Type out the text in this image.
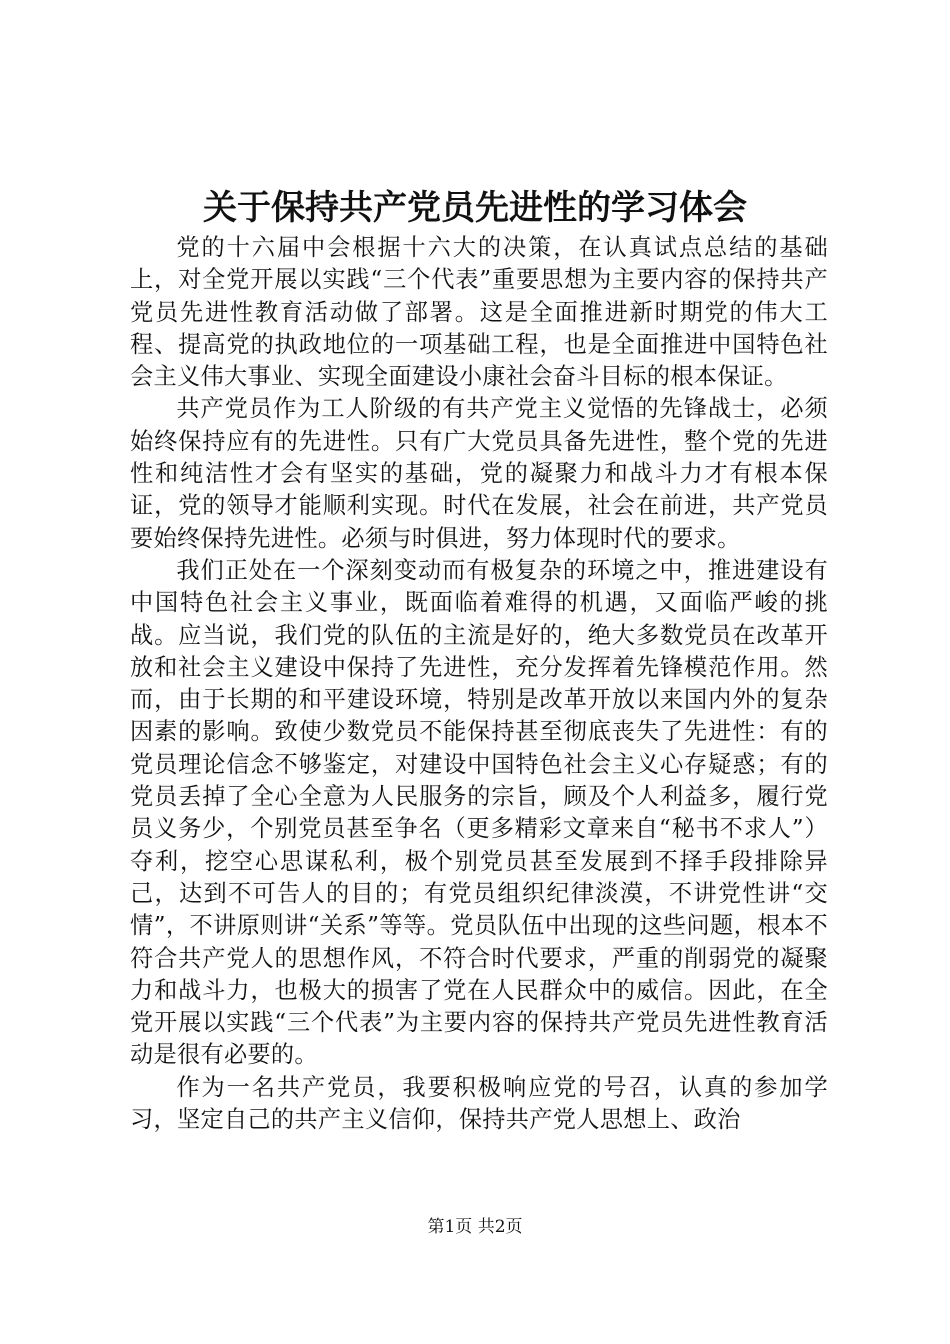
关于保持共产党员先进性的学习体会

党的十六届中会根据十六大的决策，在认真试点总结的基础上，对全党开展以实践“三个代表”重要思想为主要内容的保持共产党员先进性教育活动做了部署。这是全面推进新时期党的伟大工程、提高党的执政地位的一项基础工程，也是全面推进中国特色社会主义伟大事业、实现全面建设小康社会奋斗目标的根本保证。

共产党员作为工人阶级的有共产党主义觉悟的先锋战士，必须始终保持应有的先进性。只有广大党员具备先进性，整个党的先进性和纯洁性才会有坚实的基础，党的凝聚力和战斗力才有根本保证，党的领导才能顺利实现。时代在发展，社会在前进，共产党员要始终保持先进性。必须与时俱进，努力体现时代的要求。

我们正处在一个深刻变动而有极复杂的环境之中，推进建设有中国特色社会主义事业，既面临着难得的机遇，又面临严峻的挑战。应当说，我们党的队伍的主流是好的，绝大多数党员在改革开放和社会主义建设中保持了先进性，充分发挥着先锋模范作用。然而，由于长期的和平建设环境，特别是改革开放以来国内外的复杂因素的影响。致使少数党员不能保持甚至彻底丧失了先进性：有的党员理论信念不够鉴定，对建设中国特色社会主义心存疑惑；有的党员丢掉了全心全意为人民服务的宗旨，顾及个人利益多，履行党员义务少，个别党员甚至争名（更多精彩文章来自“秘书不求人”）夺利，挖空心思谋私利，极个别党员甚至发展到不择手段排除异己，达到不可告人的目的；有党员组织纪律淡漠，不讲党性讲“交情”，不讲原则讲“关系”等等。党员队伍中出现的这些问题，根本不符合共产党人的思想作风，不符合时代要求，严重的削弱党的凝聚力和战斗力，也极大的损害了党在人民群众中的威信。因此，在全党开展以实践“三个代表”为主要内容的保持共产党员先进性教育活动是很有必要的。

作为一名共产党员，我要积极响应党的号召，认真的参加学习，坚定自己的共产主义信仰，保持共产党人思想上、政治

第1页 共2页
